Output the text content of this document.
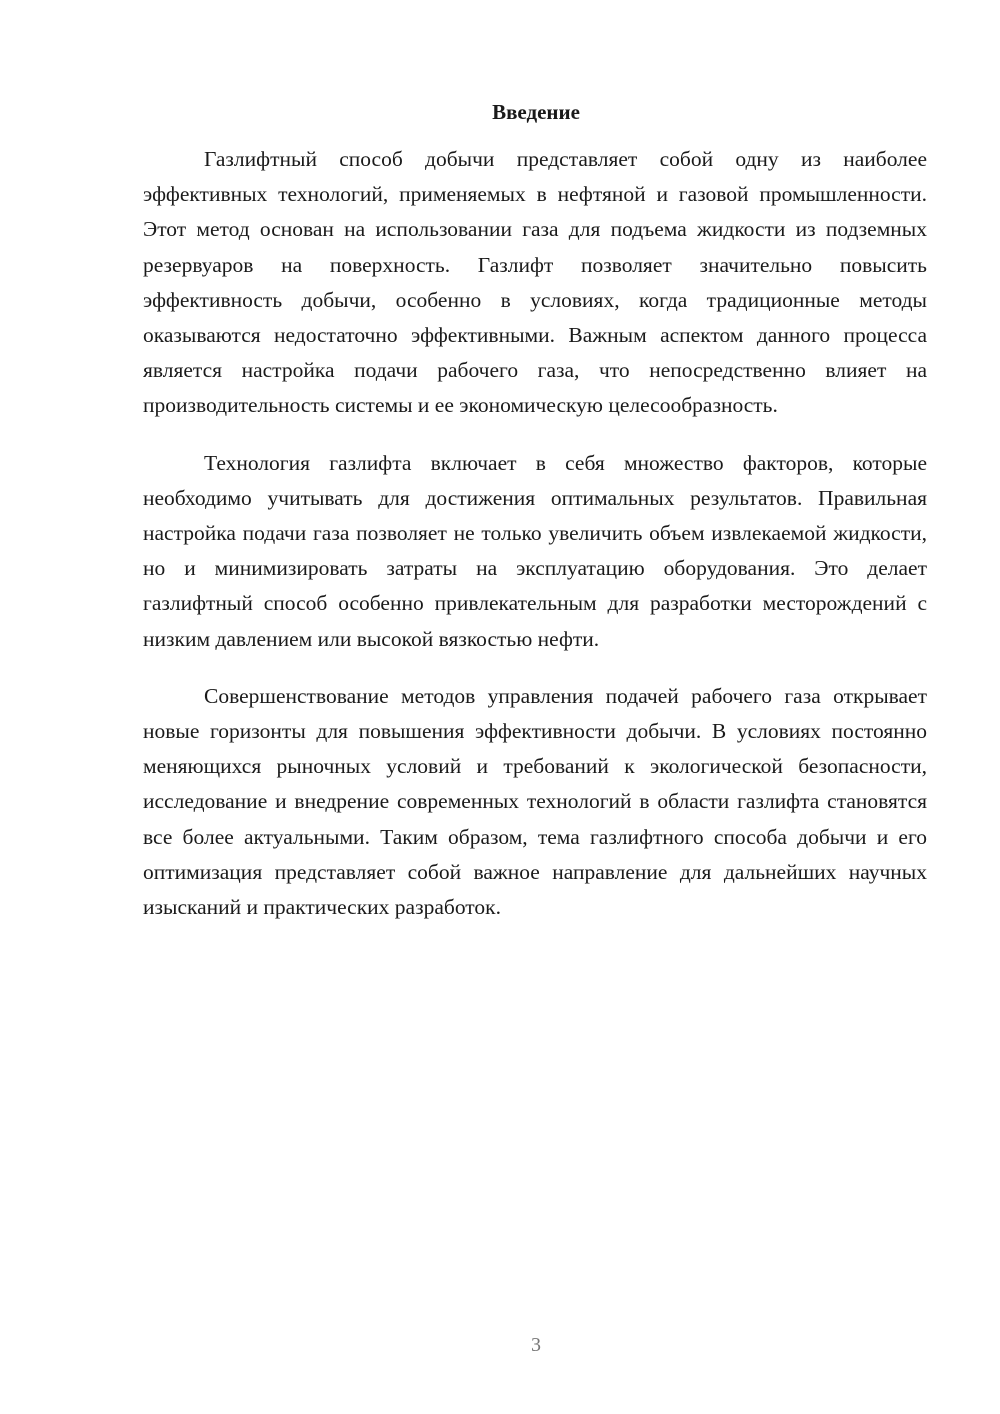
Введение

Газлифтный способ добычи представляет собой одну из наиболее эффективных технологий, применяемых в нефтяной и газовой промышленности. Этот метод основан на использовании газа для подъема жидкости из подземных резервуаров на поверхность. Газлифт позволяет значительно повысить эффективность добычи, особенно в условиях, когда традиционные методы оказываются недостаточно эффективными. Важным аспектом данного процесса является настройка подачи рабочего газа, что непосредственно влияет на производительность системы и ее экономическую целесообразность.

Технология газлифта включает в себя множество факторов, которые необходимо учитывать для достижения оптимальных результатов. Правильная настройка подачи газа позволяет не только увеличить объем извлекаемой жидкости, но и минимизировать затраты на эксплуатацию оборудования. Это делает газлифтный способ особенно привлекательным для разработки месторождений с низким давлением или высокой вязкостью нефти.

Совершенствование методов управления подачей рабочего газа открывает новые горизонты для повышения эффективности добычи. В условиях постоянно меняющихся рыночных условий и требований к экологической безопасности, исследование и внедрение современных технологий в области газлифта становятся все более актуальными. Таким образом, тема газлифтного способа добычи и его оптимизация представляет собой важное направление для дальнейших научных изысканий и практических разработок.

3
